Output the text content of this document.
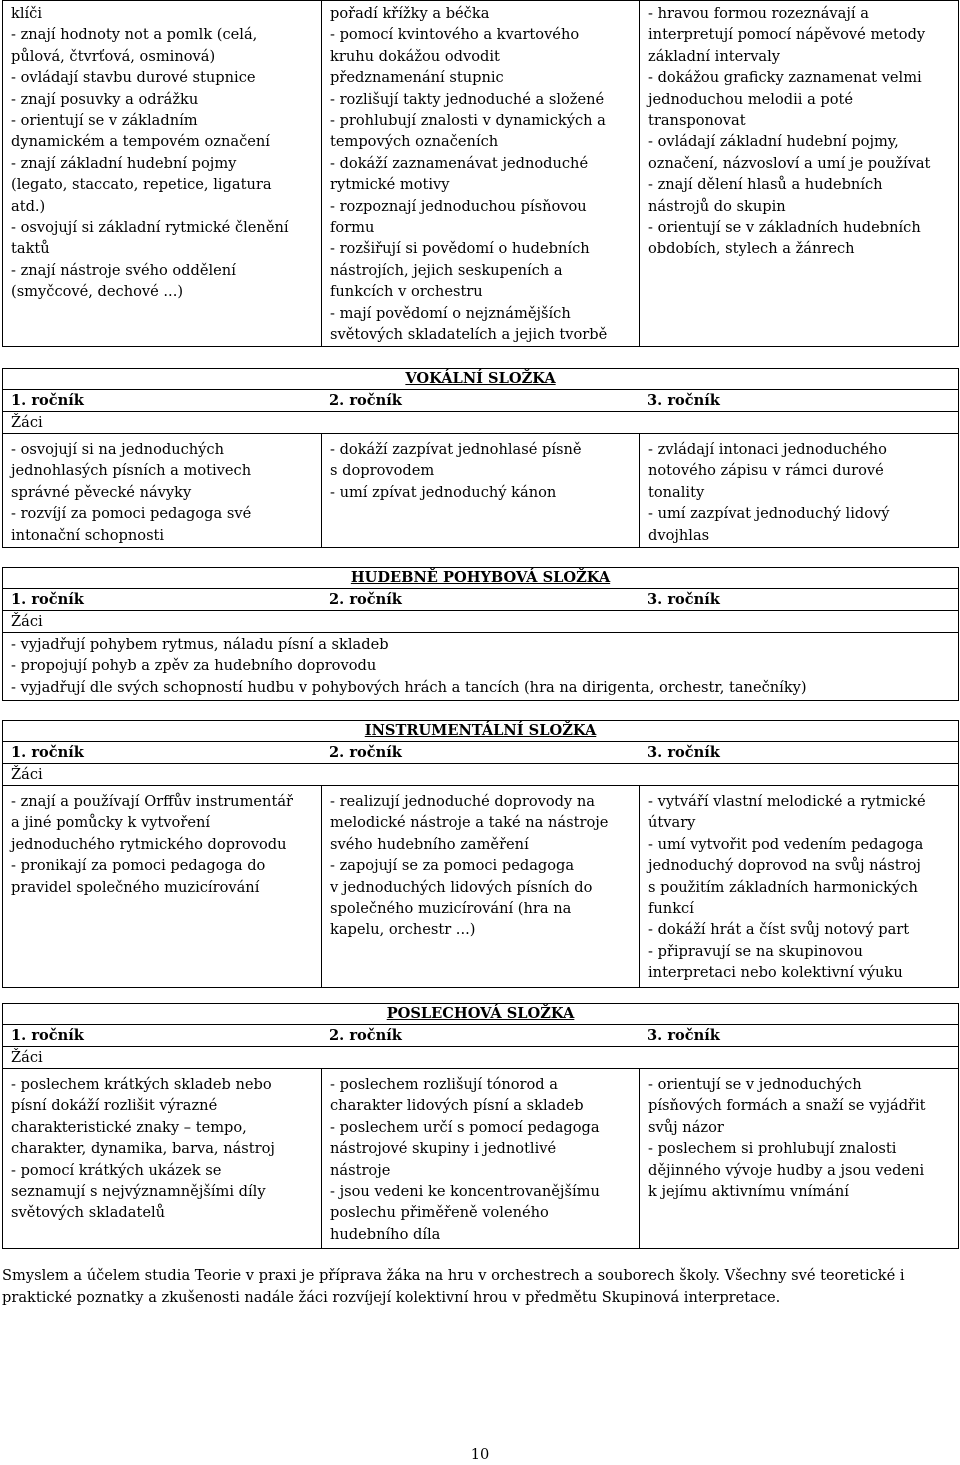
klíči
- znají hodnoty not a pomlk (celá,
půlová, čtvrťová, osminová)
- ovládají stavbu durové stupnice
- znají posuvky a odrážku
- orientují se v základním
dynamickém a tempovém označení
- znají základní hudební pojmy
(legato, staccato, repetice, ligatura
atd.)
- osvojují si základní rytmické členění
taktů
- znají nástroje svého oddělení
(smyčcové, dechové ...)

pořadí křížky a béčka
- pomocí kvintového a kvartového
kruhu dokážou odvodit
předznamenání stupnic
- rozlišují takty jednoduché a složené
- prohlubují znalosti v dynamických a
tempových označeních
- dokáží zaznamenávat jednoduché
rytmické motivy
- rozpoznají jednoduchou písňovou
formu
- rozšiřují si povědomí o hudebních
nástrojích, jejich seskupeních a
funkcích v orchestru
- mají povědomí o nejznámějších
světových skladatelích a jejich tvorbě

- hravou formou rozeznávají a
interpretují pomocí nápěvové metody
základní intervaly
- dokážou graficky zaznamenat velmi
jednoduchou melodii a poté
transponovat
- ovládají základní hudební pojmy,
označení, názvosloví a umí je používat
- znají dělení hlasů a hudebních
nástrojů do skupin
- orientují se v základních hudebních
obdobích, stylech a žánrech
VOKÁLNÍ SLOŽKA
1. ročník	2. ročník	3. ročník
Žáci

- osvojují si na jednoduchých
jednohlasých písních a motivech
správné pěvecké návyky
- rozvíjí za pomoci pedagoga své
intonační schopnosti

- dokáží zazpívat jednohlasé písně
s doprovodem
- umí zpívat jednoduchý kánon

- zvládají intonaci jednoduchého
notového zápisu v rámci durové
tonality
- umí zazpívat jednoduchý lidový
dvojhlas
HUDEBNĚ POHYBOVÁ SLOŽKA
1. ročník	2. ročník	3. ročník
Žáci

- vyjadřují pohybem rytmus, náladu písní a skladeb
- propojují pohyb a zpěv za hudebního doprovodu
- vyjadřují dle svých schopností hudbu v pohybových hrách a tancích (hra na dirigenta, orchestr, tanečníky)
INSTRUMENTÁLNÍ SLOŽKA
1. ročník	2. ročník	3. ročník
Žáci

- znají a používají Orffův instrumentář
a jiné pomůcky k vytvoření
jednoduchého rytmického doprovodu
- pronikají za pomoci pedagoga do
pravidel společného muzicírování

- realizují jednoduché doprovody na
melodické nástroje a také na nástroje
svého hudebního zaměření
- zapojují se za pomoci pedagoga
v jednoduchých lidových písních do
společného muzicírování (hra na
kapelu, orchestr ...)

- vytváří vlastní melodické a rytmické
útvary
- umí vytvořit pod vedením pedagoga
jednoduchý doprovod na svůj nástroj
s použitím základních harmonických
funkcí
- dokáží hrát a číst svůj notový part
- připravují se na skupinovou
interpretaci nebo kolektivní výuku
POSLECHOVÁ SLOŽKA
1. ročník	2. ročník	3. ročník
Žáci

- poslechem krátkých skladeb nebo
písní dokáží rozlišit výrazné
charakteristické znaky – tempo,
charakter, dynamika, barva, nástroj
- pomocí krátkých ukázek se
seznamují s nejvýznamnějšími díly
světových skladatelů

- poslechem rozlišují tónorod a
charakter lidových písní a skladeb
- poslechem určí s pomocí pedagoga
nástrojové skupiny i jednotlivé
nástroje
- jsou vedeni ke koncentrovanějšímu
poslechu přiměřeně volenéhо
hudebního díla

- orientují se v jednoduchých
písňových formách a snaží se vyjádřit
svůj názor
- poslechem si prohlubují znalosti
dějinného vývoje hudby a jsou vedeni
k jejímu aktivnímu vnímání
Smyslem a účelem studia Teorie v praxi je příprava žáka na hru v orchestrech a souborech školy. Všechny své teoretické i
praktické poznatky a zkušenosti nadále žáci rozvíjejí kolektivní hrou v předmětu Skupinová interpretace.
10
